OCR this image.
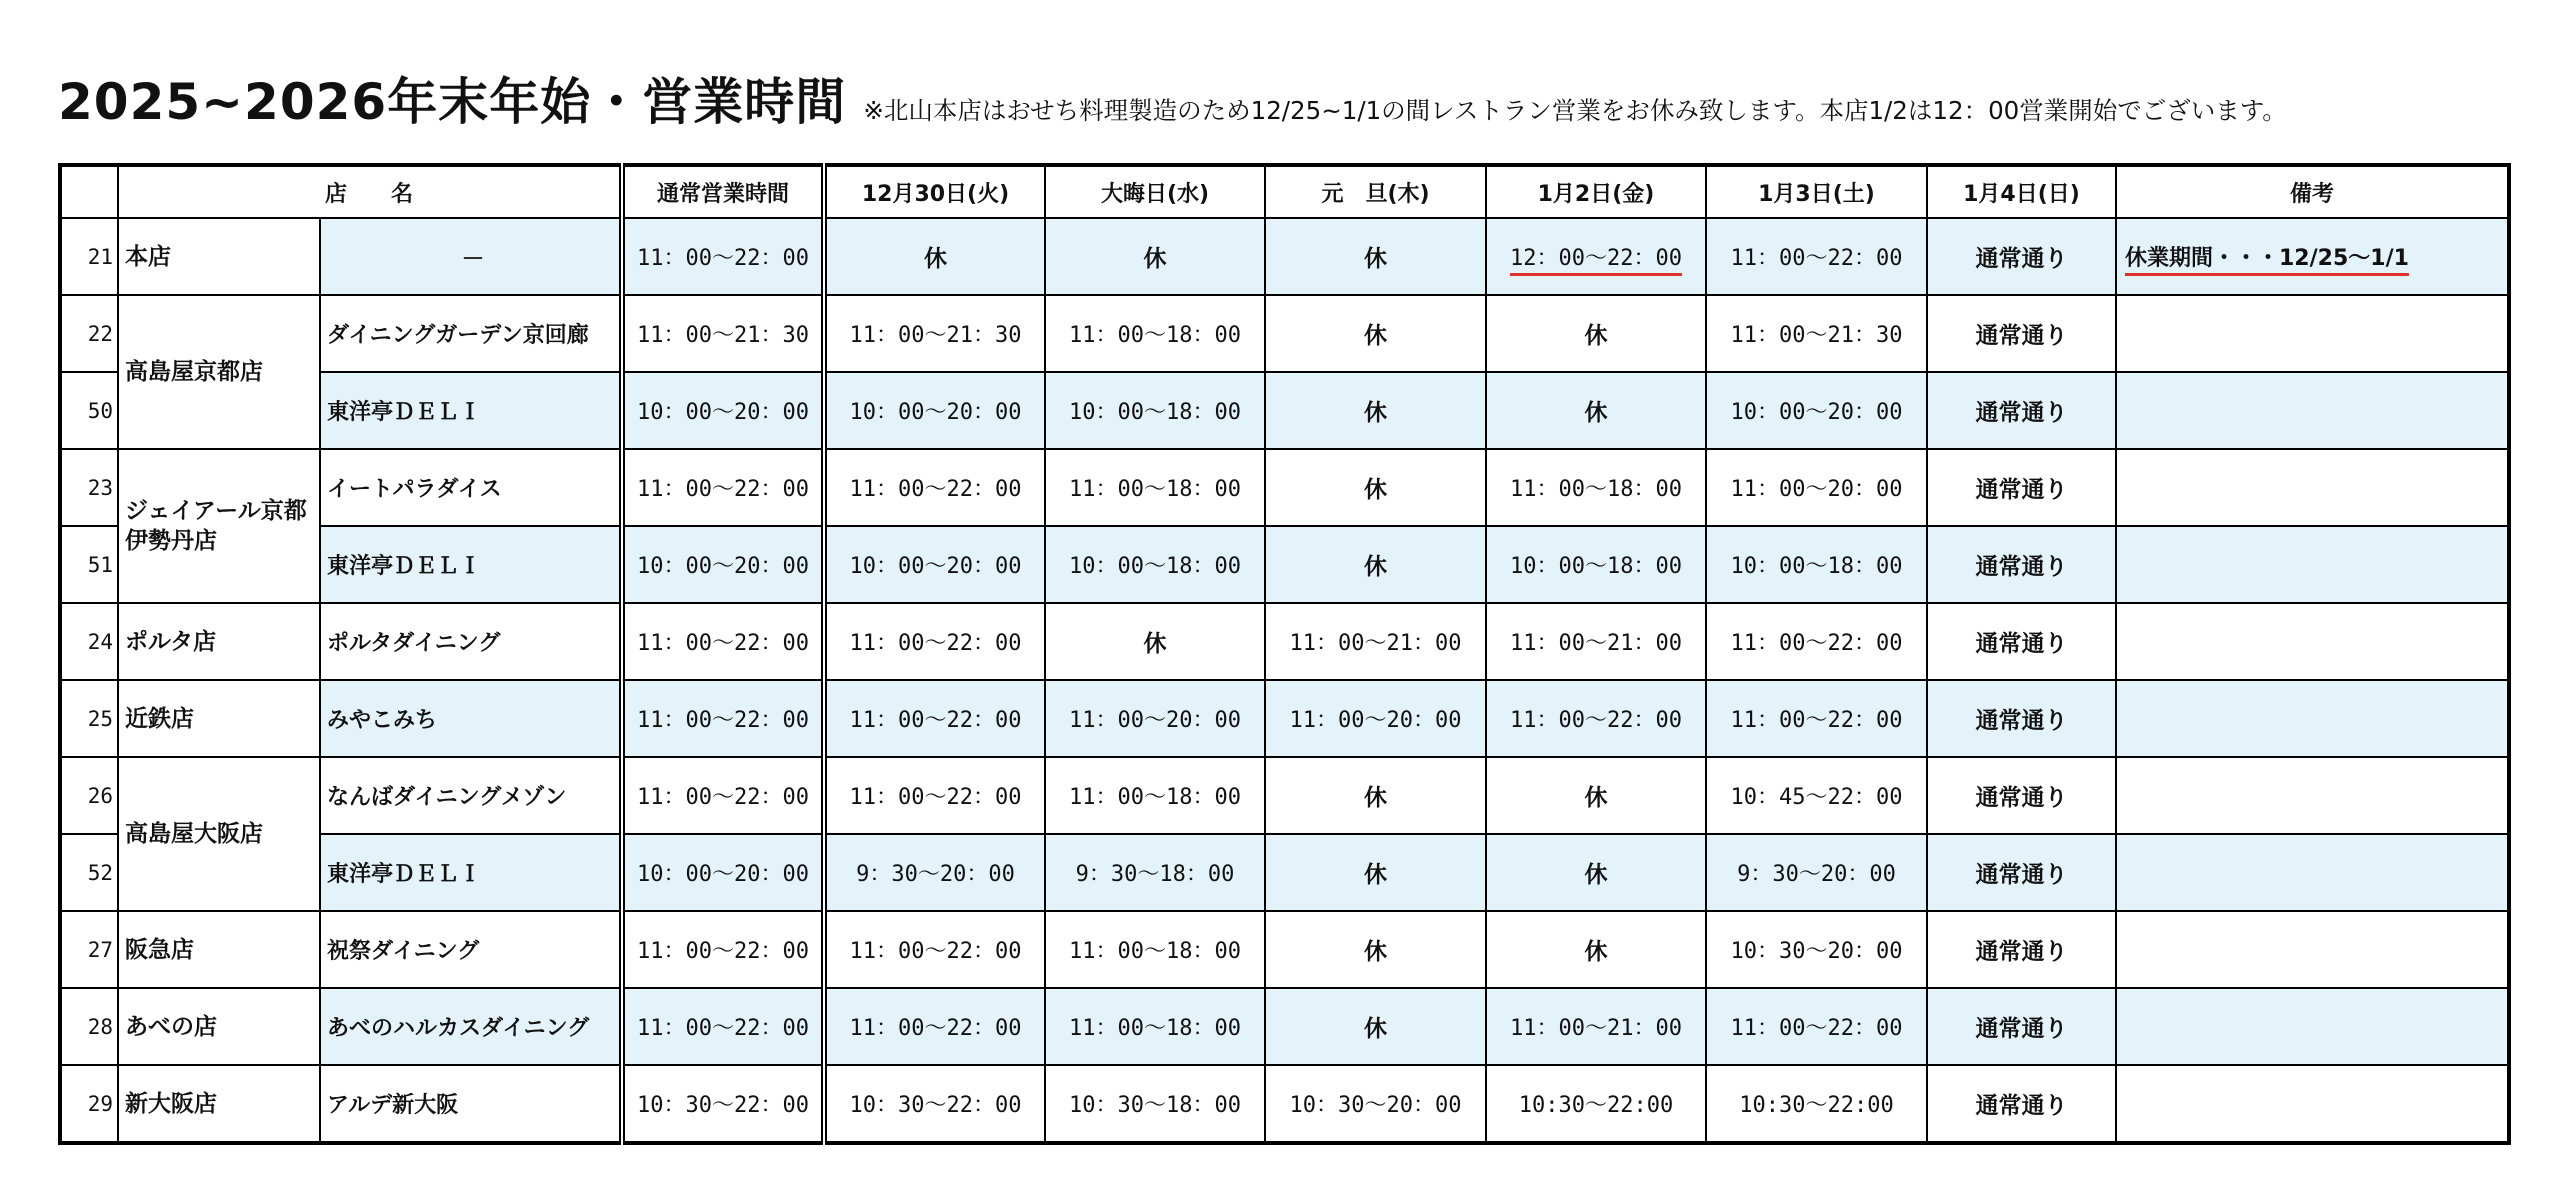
2025~2026年末年始・営業時間 ※北山本店はおせち料理製造のため12/25~1/1の間レストラン営業をお休み致します。本店1/2は12：00営業開始でございます。
	店　　名		通常営業時間	12月30日(火)	大晦日(水)	元　旦(木)	1月2日(金)	1月3日(土)	1月4日(日)	備考
21	本店	－	11：00～22：00	休	休	休	12：00～22：00	11：00～22：00	通常通り	休業期間・・・12/25～1/1
22	高島屋京都店	ダイニングガーデン京回廊	11：00～21：30	11：00～21：30	11：00～18：00	休	休	11：00～21：30	通常通り	
50		東洋亭ＤＥＬＩ	10：00～20：00	10：00～20：00	10：00～18：00	休	休	10：00～20：00	通常通り	
23	ジェイアール京都伊勢丹店	イートパラダイス	11：00～22：00	11：00～22：00	11：00～18：00	休	11：00～18：00	11：00～20：00	通常通り	
51		東洋亭ＤＥＬＩ	10：00～20：00	10：00～20：00	10：00～18：00	休	10：00～18：00	10：00～18：00	通常通り	
24	ポルタ店	ポルタダイニング	11：00～22：00	11：00～22：00	休	11：00～21：00	11：00～21：00	11：00～22：00	通常通り	
25	近鉄店	みやこみち	11：00～22：00	11：00～22：00	11：00～20：00	11：00～20：00	11：00～22：00	11：00～22：00	通常通り	
26	高島屋大阪店	なんばダイニングメゾン	11：00～22：00	11：00～22：00	11：00～18：00	休	休	10：45～22：00	通常通り	
52		東洋亭ＤＥＬＩ	10：00～20：00	9：30～20：00	9：30～18：00	休	休	9：30～20：00	通常通り	
27	阪急店	祝祭ダイニング	11：00～22：00	11：00～22：00	11：00～18：00	休	休	10：30～20：00	通常通り	
28	あべの店	あべのハルカスダイニング	11：00～22：00	11：00～22：00	11：00～18：00	休	11：00～21：00	11：00～22：00	通常通り	
29	新大阪店	アルデ新大阪	10：30～22：00	10：30～22：00	10：30～18：00	10：30～20：00	10:30～22:00	10:30～22:00	通常通り	
